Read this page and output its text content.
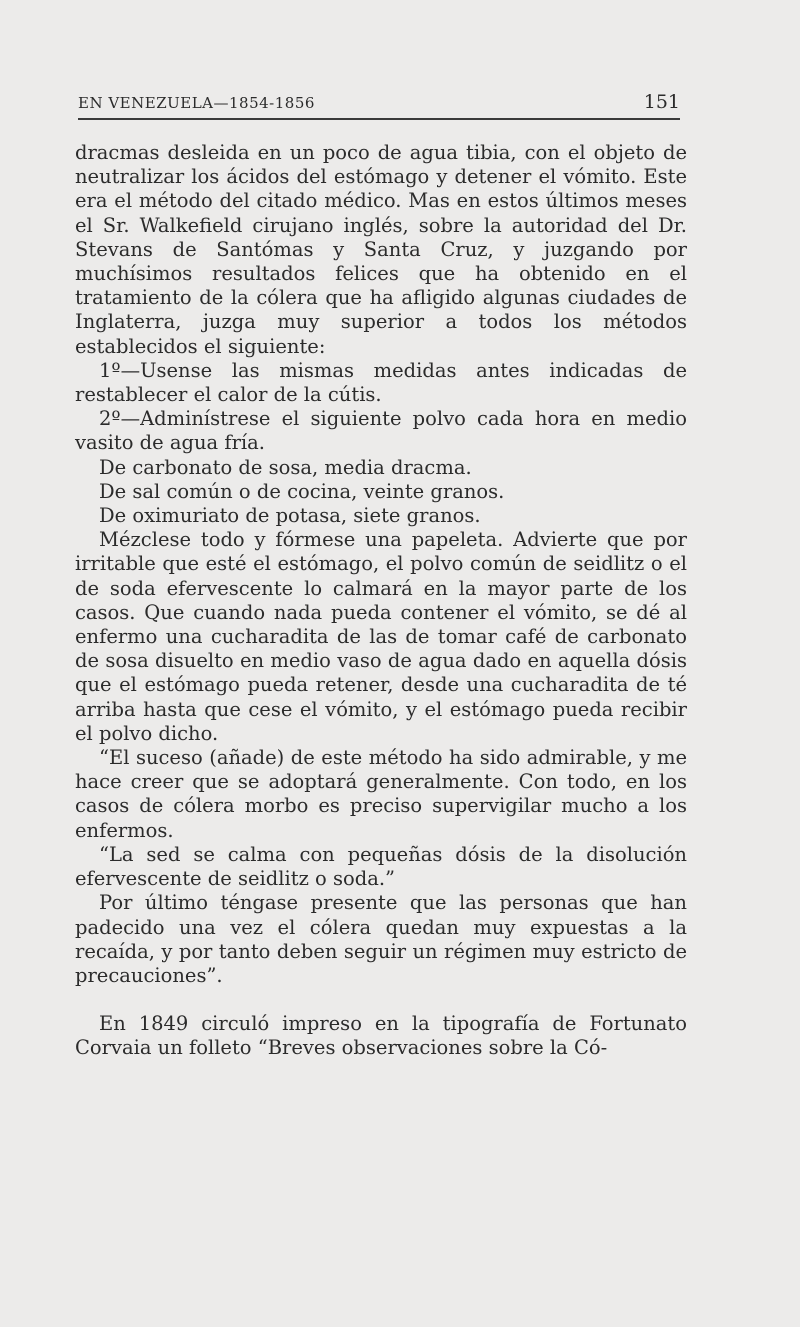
EN VENEZUELA—1854-1856	151

dracmas desleida en un poco de agua tibia, con el objeto de neutralizar los ácidos del estómago y detener el vómito. Este era el método del citado médico. Mas en estos últimos meses el Sr. Walkefield cirujano inglés, sobre la autoridad del Dr. Stevans de Santómas y Santa Cruz, y juzgando por muchísimos resultados felices que ha obtenido en el tratamiento de la cólera que ha afligido algunas ciudades de Inglaterra, juzga muy superior a todos los métodos establecidos el siguiente:

1º—Usense las mismas medidas antes indicadas de restablecer el calor de la cútis.

2º—Adminístrese el siguiente polvo cada hora en medio vasito de agua fría.

De carbonato de sosa, media dracma.

De sal común o de cocina, veinte granos.

De oximuriato de potasa, siete granos.

Mézclese todo y fórmese una papeleta. Advierte que por irritable que esté el estómago, el polvo común de seidlitz o el de soda efervescente lo calmará en la mayor parte de los casos. Que cuando nada pueda contener el vómito, se dé al enfermo una cucharadita de las de tomar café de carbonato de sosa disuelto en medio vaso de agua dado en aquella dósis que el estómago pueda retener, desde una cucharadita de té arriba hasta que cese el vómito, y el estómago pueda recibir el polvo dicho.

“El suceso (añade) de este método ha sido admirable, y me hace creer que se adoptará generalmente. Con todo, en los casos de cólera morbo es preciso supervigilar mucho a los enfermos.

“La sed se calma con pequeñas dósis de la disolución efervescente de seidlitz o soda.”

Por último téngase presente que las personas que han padecido una vez el cólera quedan muy expuestas a la recaída, y por tanto deben seguir un régimen muy estricto de precauciones”.

En 1849 circuló impreso en la tipografía de Fortunato Corvaia un folleto “Breves observaciones sobre la Có-
